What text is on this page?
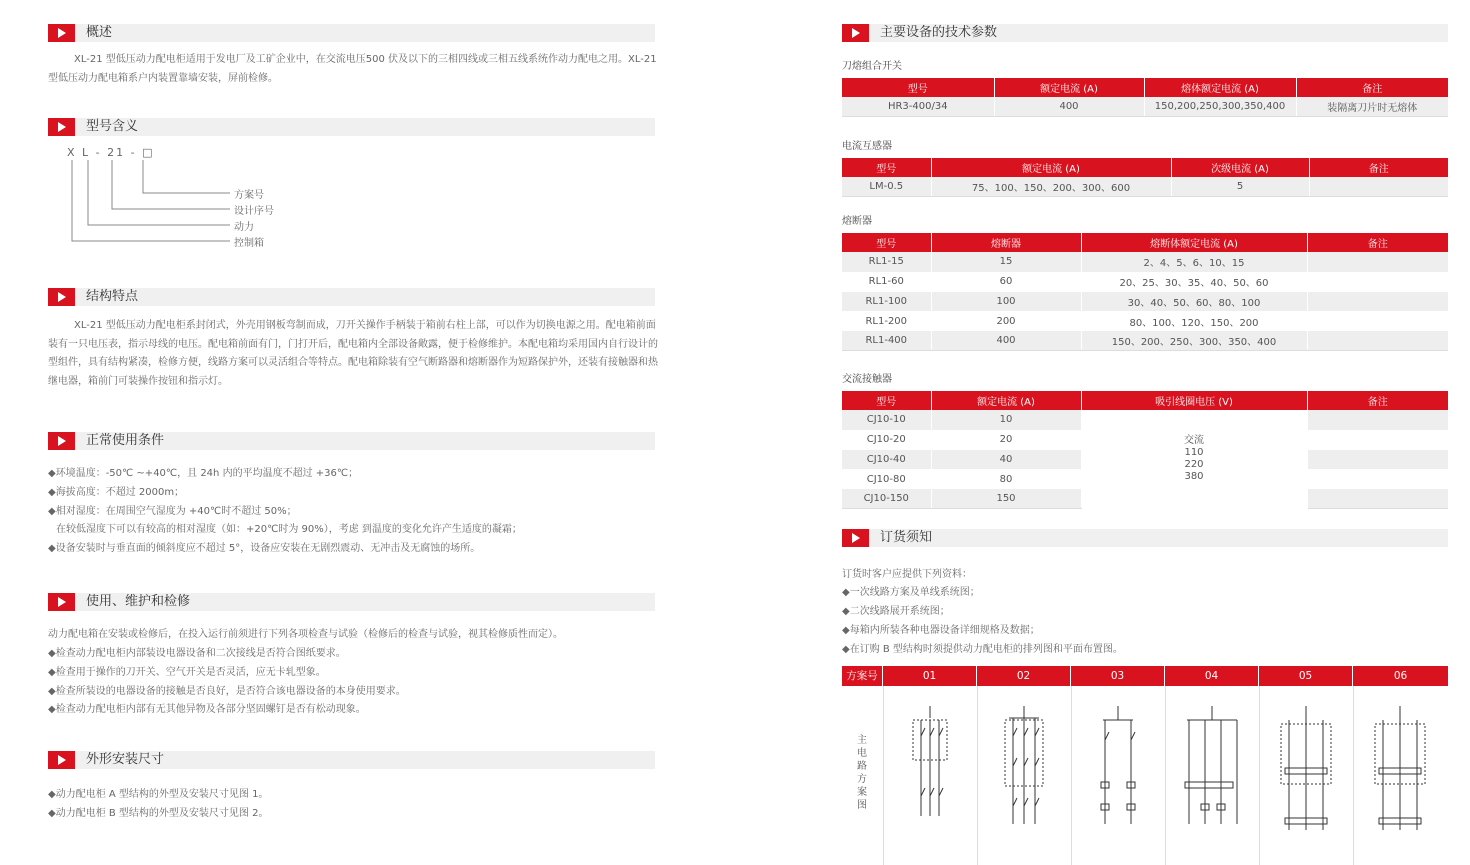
概述
XL-21 型低压动力配电柜适用于发电厂及工矿企业中，在交流电压500 伏及以下的三相四线或三相五线系统作动力配电之用。XL-21 型低压动力配电箱系户内装置靠墙安装，屏前检修。
型号含义
X L - 21 - □
方案号
设计序号
动力
控制箱
结构特点
XL-21 型低压动力配电柜系封闭式，外壳用钢板弯制而成，刀开关操作手柄装于箱前右柱上部，可以作为切换电源之用。配电箱前面装有一只电压表，指示母线的电压。配电箱前面有门，门打开后，配电箱内全部设备敞露，便于检修维护。本配电箱均采用国内自行设计的型组件，具有结构紧凑，检修方便，线路方案可以灵活组合等特点。配电箱除装有空气断路器和熔断器作为短路保护外，还装有接触器和热继电器，箱前门可装操作按钮和指示灯。
正常使用条件
◆环境温度：-50℃ ~+40℃，且 24h 内的平均温度不超过 +36℃；
◆海拔高度：不超过 2000m；
◆相对湿度：在周围空气湿度为 +40℃时不超过 50%；
在较低湿度下可以有较高的相对湿度（如：+20℃时为 90%），考虑 到温度的变化允许产生适度的凝霜；
◆设备安装时与垂直面的倾斜度应不超过 5°，设备应安装在无剧烈震动、无冲击及无腐蚀的场所。
使用、维护和检修
动力配电箱在安装或检修后，在投入运行前须进行下列各项检查与试验（检修后的检查与试验，视其检修质性而定）。
◆检查动力配电柜内部装设电器设备和二次接线是否符合图纸要求。
◆检查用于操作的刀开关、空气开关是否灵活，应无卡轧型象。
◆检查所装设的电器设备的接触是否良好，是否符合该电器设备的本身使用要求。
◆检查动力配电柜内部有无其他异物及各部分坚固螺钉是否有松动现象。
外形安装尺寸
◆动力配电柜 A 型结构的外型及安装尺寸见图 1。
◆动力配电柜 B 型结构的外型及安装尺寸见图 2。
主要设备的技术参数
刀熔组合开关
型号	额定电流 (A)	熔体额定电流 (A)	备注
HR3-400/34	400	150,200,250,300,350,400	装隔离刀片时无熔体
电流互感器
型号	额定电流 (A)	次级电流 (A)	备注
LM-0.5	75、100、150、200、300、600	5	
熔断器
型号	熔断器	熔断体额定电流 (A)	备注
RL1-15	15	2、4、5、6、10、15	
RL1-60	60	20、25、30、35、40、50、60	
RL1-100	100	30、40、50、60、80、100	
RL1-200	200	80、100、120、150、200	
RL1-400	400	150、200、250、300、350、400	
交流接触器
型号	额定电流 (A)	吸引线圈电压 (V)	备注
CJ10-10	10	交流
110
220
380	

CJ10-20	20		
CJ10-40	40		
CJ10-80	80		
CJ10-150	150		
订货须知
订货时客户应提供下列资料：
◆一次线路方案及单线系统图；
◆二次线路展开系统图；
◆每箱内所装各种电器设备详细规格及数据；
◆在订购 B 型结构时须提供动力配电柜的排列图和平面布置图。
方案号	01	02	03	04	05	06
主电路方案图
